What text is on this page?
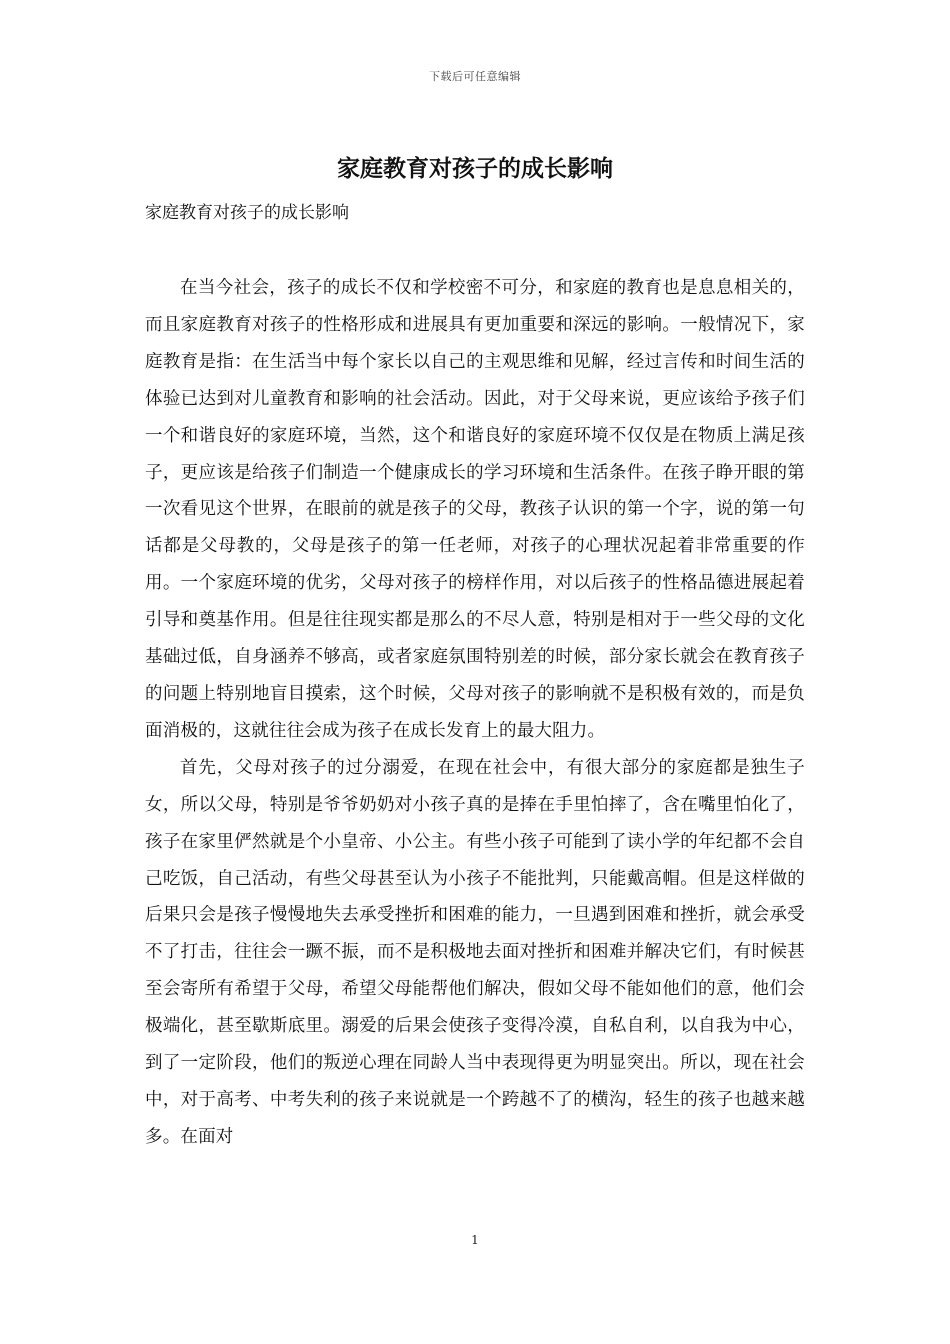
下载后可任意编辑
家庭教育对孩子的成长影响

家庭教育对孩子的成长影响

在当今社会，孩子的成长不仅和学校密不可分，和家庭的教育也是息息相关的，而且家庭教育对孩子的性格形成和进展具有更加重要和深远的影响。一般情况下，家庭教育是指：在生活当中每个家长以自己的主观思维和见解，经过言传和时间生活的体验已达到对儿童教育和影响的社会活动。因此，对于父母来说，更应该给予孩子们一个和谐良好的家庭环境，当然，这个和谐良好的家庭环境不仅仅是在物质上满足孩子，更应该是给孩子们制造一个健康成长的学习环境和生活条件。在孩子睁开眼的第一次看见这个世界，在眼前的就是孩子的父母，教孩子认识的第一个字，说的第一句话都是父母教的，父母是孩子的第一任老师，对孩子的心理状况起着非常重要的作用。一个家庭环境的优劣，父母对孩子的榜样作用，对以后孩子的性格品德进展起着引导和奠基作用。但是往往现实都是那么的不尽人意，特别是相对于一些父母的文化基础过低，自身涵养不够高，或者家庭氛围特别差的时候，部分家长就会在教育孩子的问题上特别地盲目摸索，这个时候，父母对孩子的影响就不是积极有效的，而是负面消极的，这就往往会成为孩子在成长发育上的最大阻力。

首先，父母对孩子的过分溺爱，在现在社会中，有很大部分的家庭都是独生子女，所以父母，特别是爷爷奶奶对小孩子真的是捧在手里怕摔了，含在嘴里怕化了，孩子在家里俨然就是个小皇帝、小公主。有些小孩子可能到了读小学的年纪都不会自己吃饭，自己活动，有些父母甚至认为小孩子不能批判，只能戴高帽。但是这样做的后果只会是孩子慢慢地失去承受挫折和困难的能力，一旦遇到困难和挫折，就会承受不了打击，往往会一蹶不振，而不是积极地去面对挫折和困难并解决它们，有时候甚至会寄所有希望于父母，希望父母能帮他们解决，假如父母不能如他们的意，他们会极端化，甚至歇斯底里。溺爱的后果会使孩子变得冷漠，自私自利，以自我为中心，到了一定阶段，他们的叛逆心理在同龄人当中表现得更为明显突出。所以，现在社会中，对于高考、中考失利的孩子来说就是一个跨越不了的横沟，轻生的孩子也越来越多。在面对

1
